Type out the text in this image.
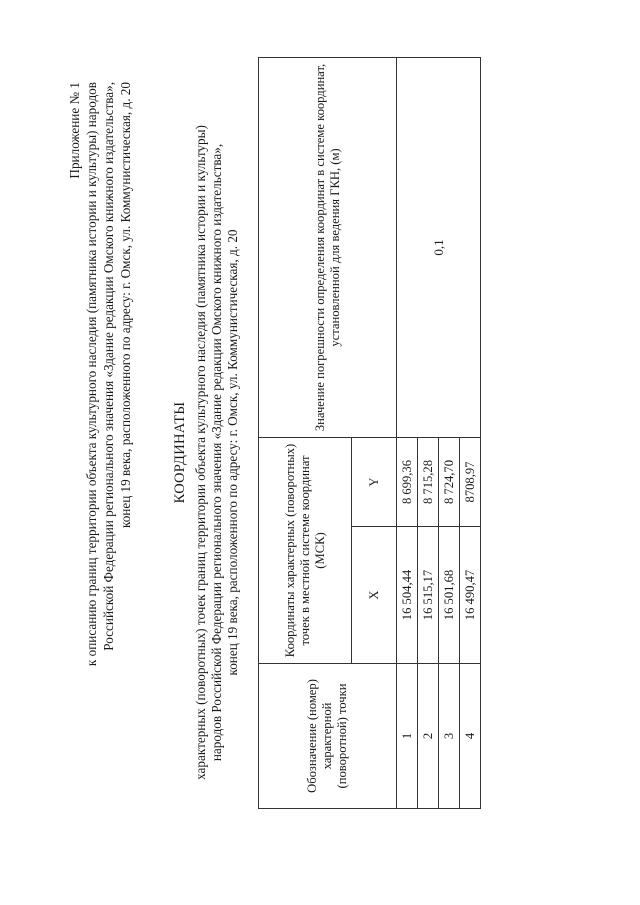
Приложение № 1 к описанию границ территории объекта культурного наследия (памятника истории и культуры) народов Российской Федерации регионального значения «Здание редакции Омского книжного издательства», конец 19 века, расположенного по адресу: г. Омск, ул. Коммунистическая, д. 20	КООРДИНАТЫ характерных (поворотных) точек границ территории объекта культурного наследия (памятника истории и культуры) народов Российской Федерации регионального значения «Здание редакции Омского книжного издательства», конец 19 века, расположенного по адресу: г. Омск, ул. Коммунистическая, д. 20
Обозначение (номер) характерной (поворотной) точки	Координаты характерных (поворотных) точек в местной системе координат (МСК)		Значение погрешности определения координат в системе координат, установленной для ведения ГКН, (м)
	X	Y	
1	16 504,44	8 699,36	0,1
2	16 515,17	8 715,28	
3	16 501,68	8 724,70	
4	16 490,47	8708,97	
